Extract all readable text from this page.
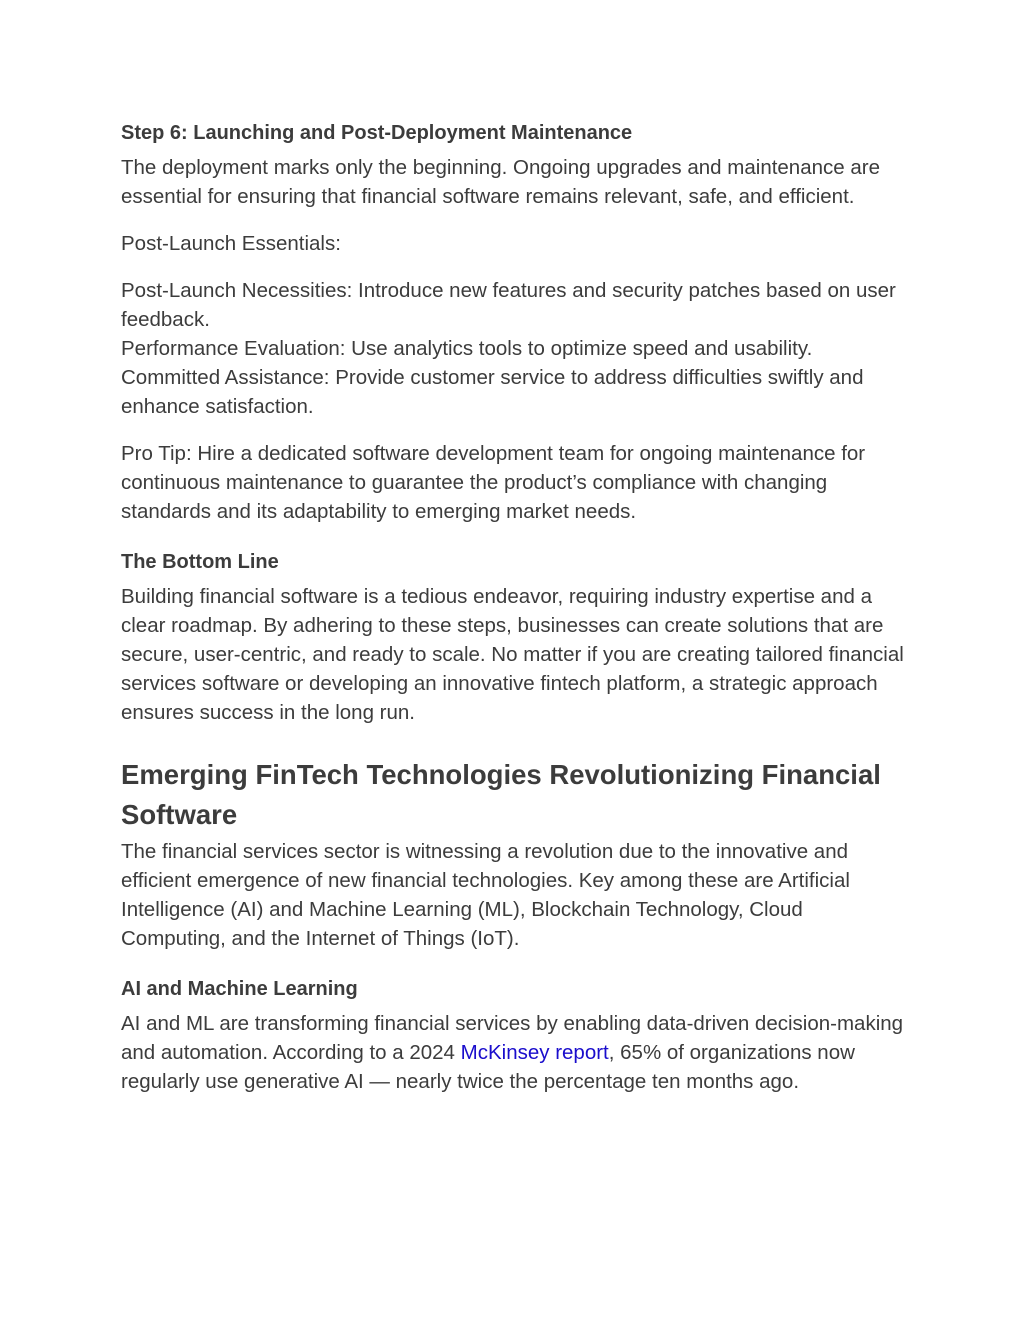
Step 6: Launching and Post-Deployment Maintenance

The deployment marks only the beginning. Ongoing upgrades and maintenance are essential for ensuring that financial software remains relevant, safe, and efficient.

Post-Launch Essentials:

Post-Launch Necessities: Introduce new features and security patches based on user feedback.

Performance Evaluation: Use analytics tools to optimize speed and usability.

Committed Assistance: Provide customer service to address difficulties swiftly and enhance satisfaction.

Pro Tip: Hire a dedicated software development team for ongoing maintenance for continuous maintenance to guarantee the product’s compliance with changing standards and its adaptability to emerging market needs.

The Bottom Line

Building financial software is a tedious endeavor, requiring industry expertise and a clear roadmap. By adhering to these steps, businesses can create solutions that are secure, user-centric, and ready to scale. No matter if you are creating tailored financial services software or developing an innovative fintech platform, a strategic approach ensures success in the long run.

Emerging FinTech Technologies Revolutionizing Financial Software

The financial services sector is witnessing a revolution due to the innovative and efficient emergence of new financial technologies. Key among these are Artificial Intelligence (AI) and Machine Learning (ML), Blockchain Technology, Cloud Computing, and the Internet of Things (IoT).

AI and Machine Learning

AI and ML are transforming financial services by enabling data-driven decision-making and automation. According to a 2024 McKinsey report, 65% of organizations now regularly use generative AI — nearly twice the percentage ten months ago.
